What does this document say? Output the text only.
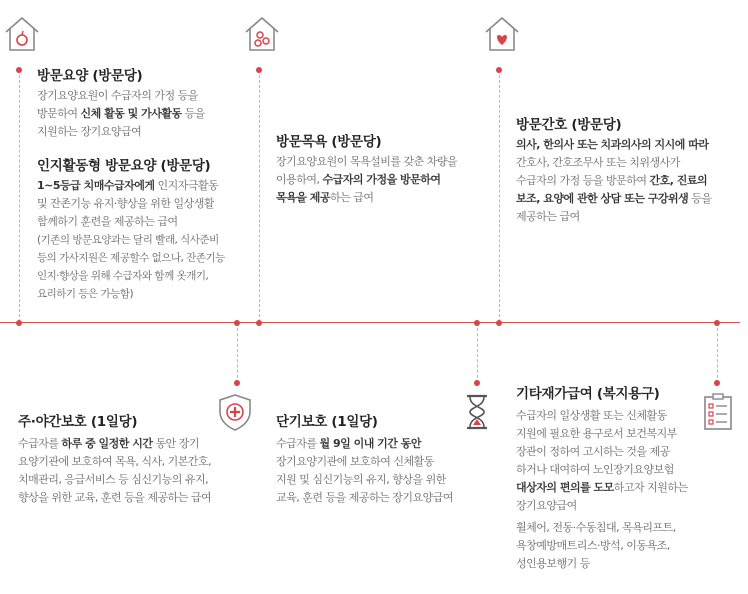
방문요양 (방문당)
장기요양요원이 수급자의 가정 등을
방문하여 신체 활동 및 가사활동 등을
지원하는 장기요양급여
인지활동형 방문요양 (방문당)
1~5등급 치매수급자에게 인지자극활동
및 잔존기능 유지·향상을 위한 일상생활
함께하기 훈련을 제공하는 급여
(기존의 방문요양과는 달리 빨래, 식사준비
등의 가사지원은 제공할수 없으나, 잔존기능
인지·향상을 위해 수급자와 함께 옷개기,
요리하기 등은 가능함)
방문목욕 (방문당)
장기요양요원이 목욕설비를 갖춘 차량을
이용하여, 수급자의 가정을 방문하여
목욕을 제공하는 급여
방문간호 (방문당)
의사, 한의사 또는 치과의사의 지시에 따라
간호사, 간호조무사 또는 치위생사가
수급자의 가정 등을 방문하여 간호, 진료의
보조, 요양에 관한 상담 또는 구강위생 등을
제공하는 급여
주·야간보호 (1일당)
수급자를 하루 중 일정한 시간 동안 장기
요양기관에 보호하여 목욕, 식사, 기본간호,
치매관리, 응급서비스 등 심신기능의 유지,
향상을 위한 교육, 훈련 등을 제공하는 급여
단기보호 (1일당)
수급자를 월 9일 이내 기간 동안
장기요양기관에 보호하여 신체활동
지원 및 심신기능의 유지, 향상을 위한
교육, 훈련 등을 제공하는 장기요양급여
기타재가급여 (복지용구)
수급자의 일상생활 또는 신체활동
지원에 필요한 용구로서 보건복지부
장관이 정하여 고시하는 것을 제공
하거나 대여하여 노인장기요양보험
대상자의 편의를 도모하고자 지원하는
장기요양급여
휠체어, 전동·수동침대, 목욕리프트,
욕창예방매트리스·방석, 이동욕조,
성인용보행기 등
